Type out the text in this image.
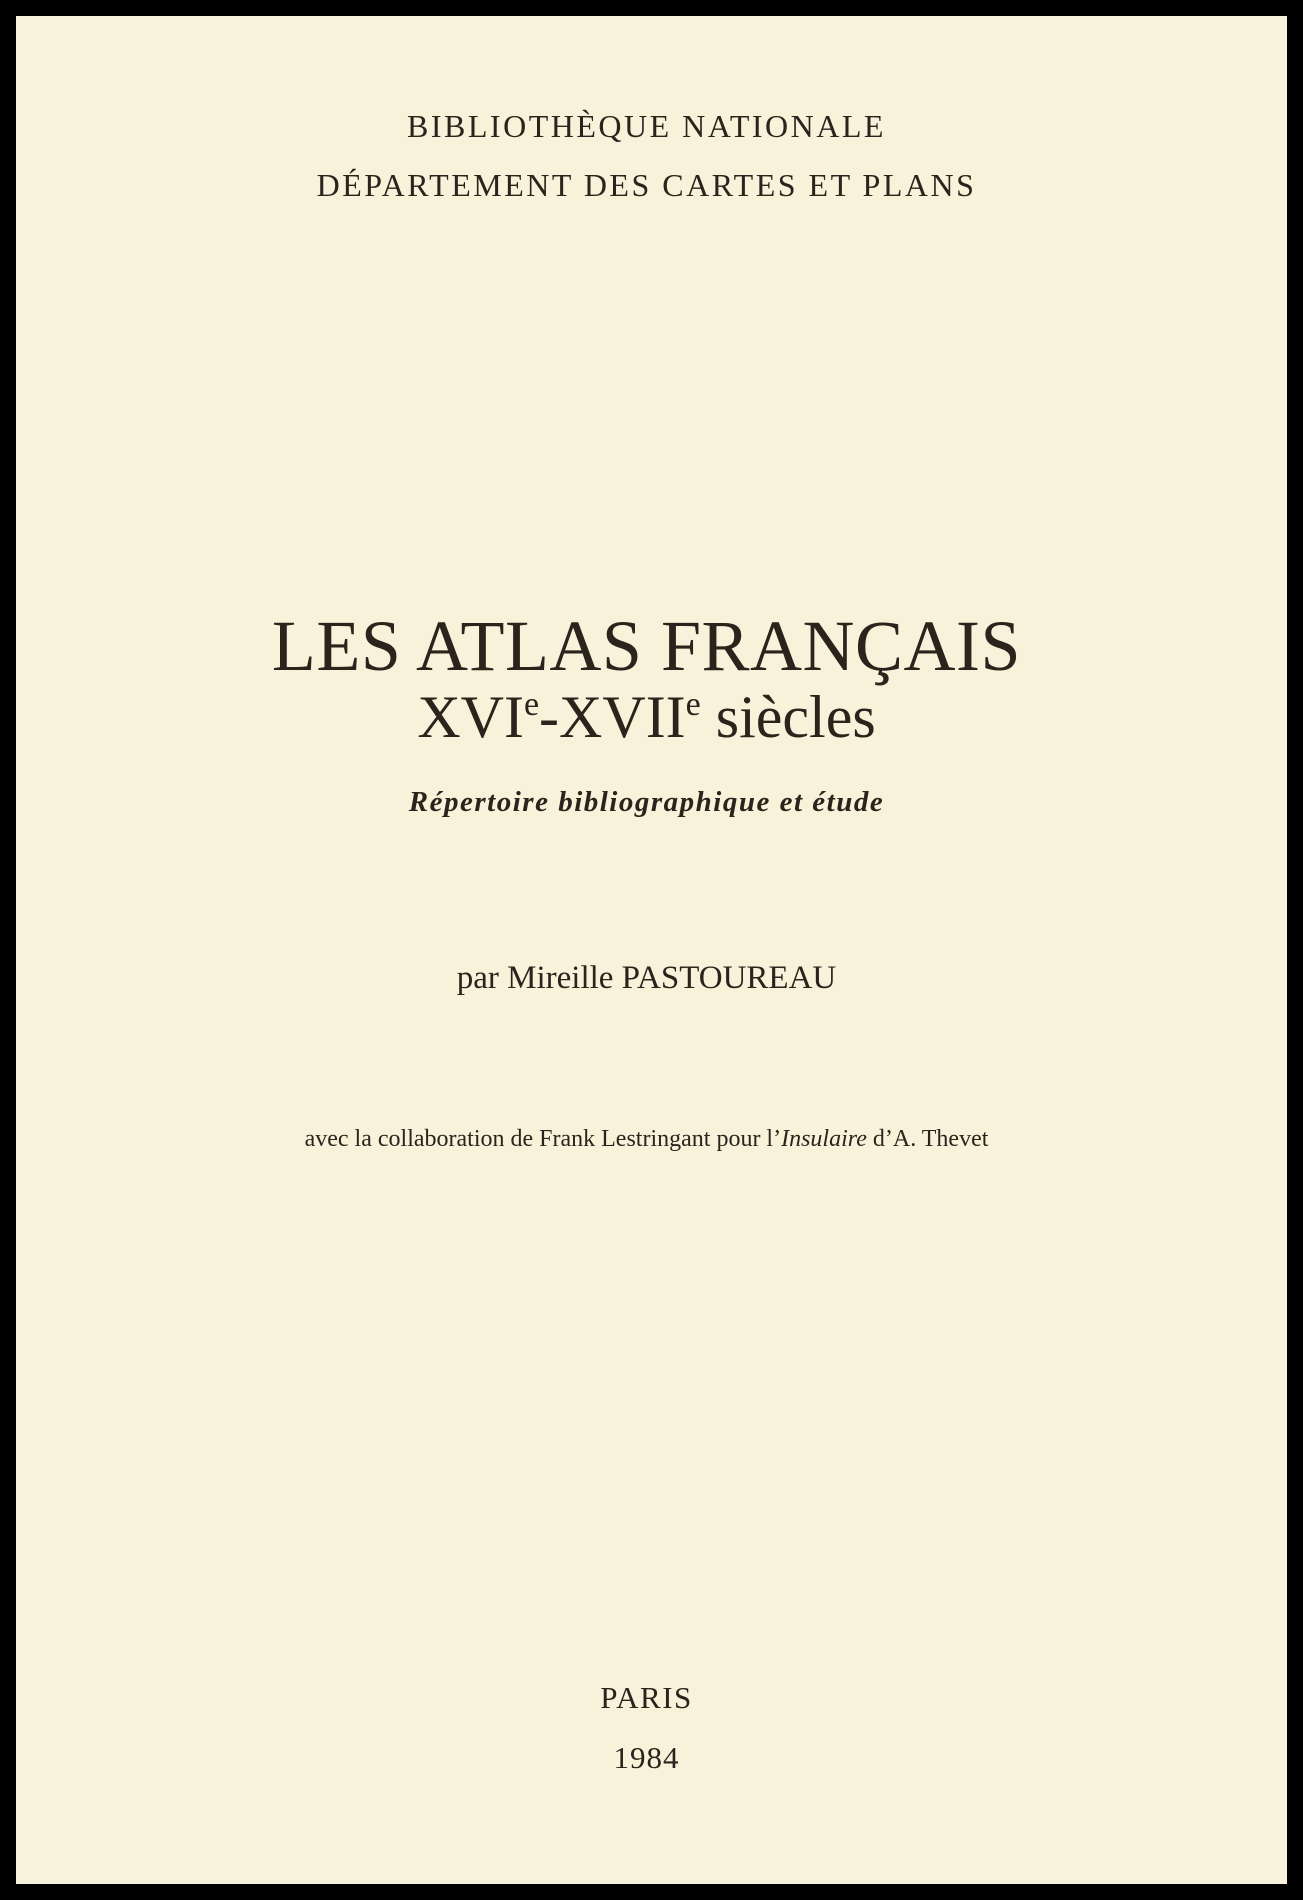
BIBLIOTHÈQUE NATIONALE
DÉPARTEMENT DES CARTES ET PLANS
LES ATLAS FRANÇAIS
XVIe-XVIIe siècles
Répertoire bibliographique et étude
par Mireille PASTOUREAU
avec la collaboration de Frank Lestringant pour l’Insulaire d’A. Thevet
PARIS
1984
